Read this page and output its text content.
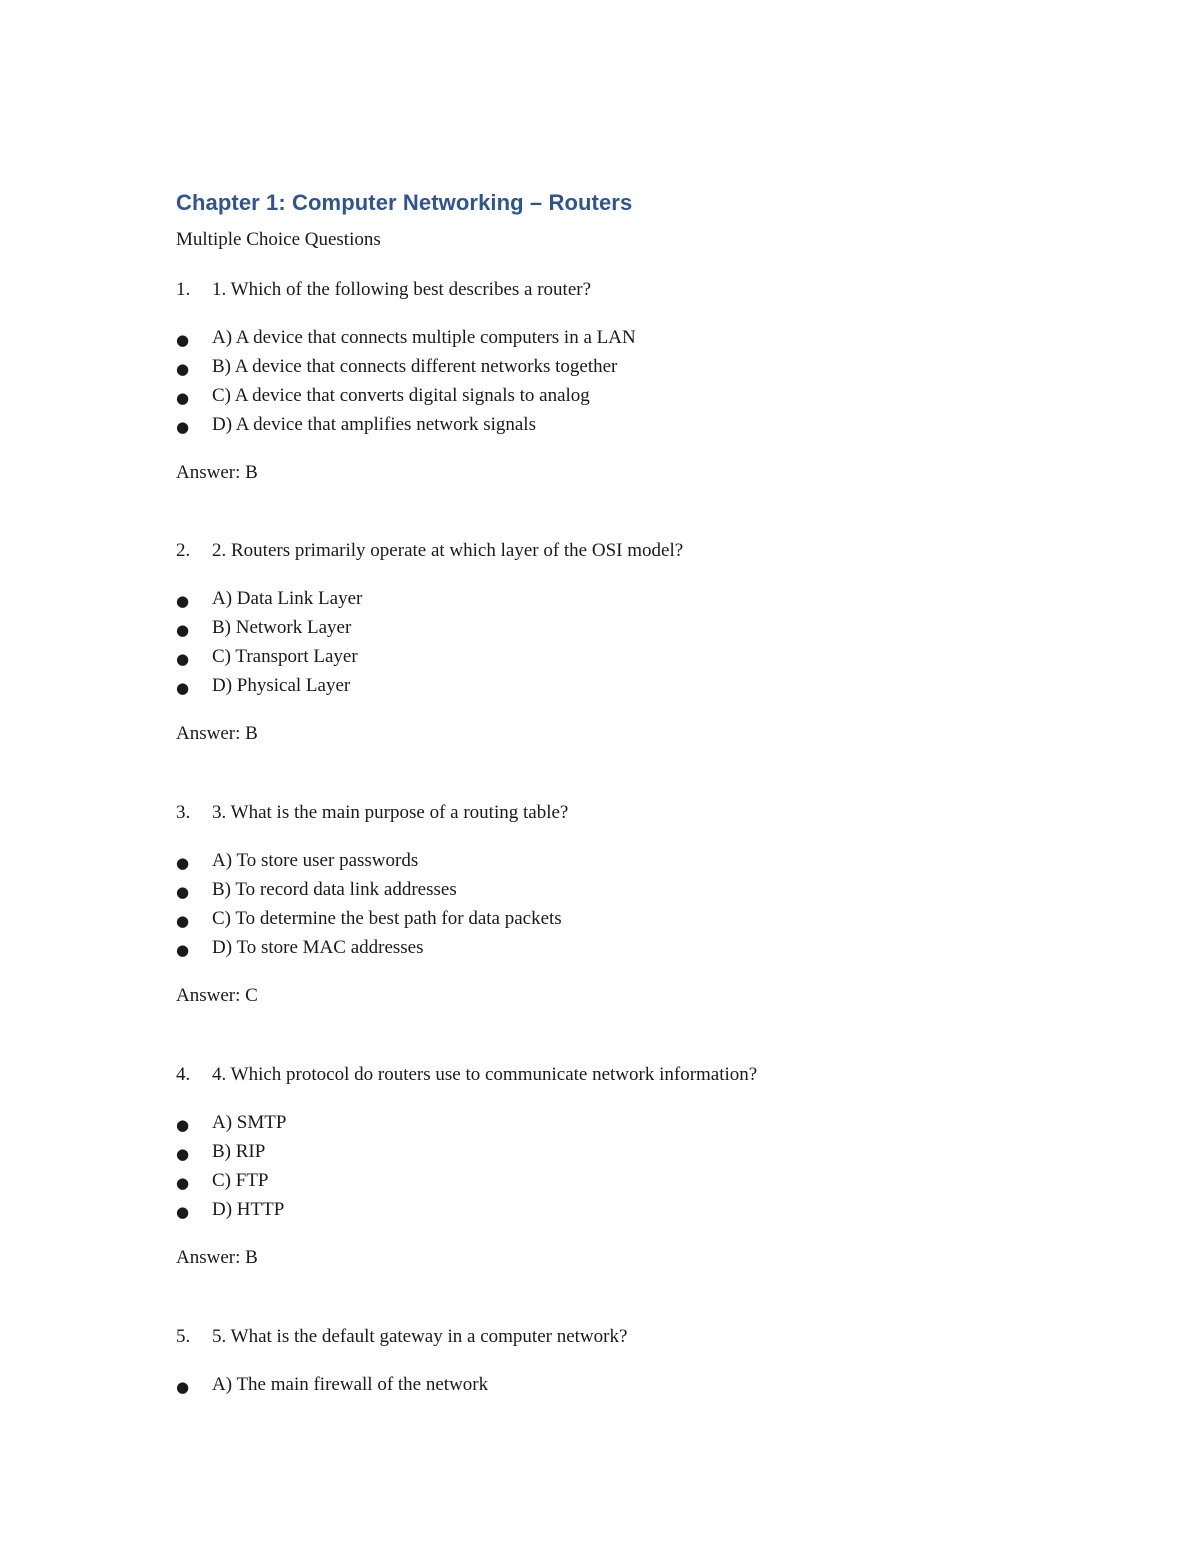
Chapter 1: Computer Networking – Routers
Multiple Choice Questions
1. 1. Which of the following best describes a router?
● A) A device that connects multiple computers in a LAN
● B) A device that connects different networks together
● C) A device that converts digital signals to analog
● D) A device that amplifies network signals
Answer: B
2. 2. Routers primarily operate at which layer of the OSI model?
● A) Data Link Layer
● B) Network Layer
● C) Transport Layer
● D) Physical Layer
Answer: B
3. 3. What is the main purpose of a routing table?
● A) To store user passwords
● B) To record data link addresses
● C) To determine the best path for data packets
● D) To store MAC addresses
Answer: C
4. 4. Which protocol do routers use to communicate network information?
● A) SMTP
● B) RIP
● C) FTP
● D) HTTP
Answer: B
5. 5. What is the default gateway in a computer network?
● A) The main firewall of the network
